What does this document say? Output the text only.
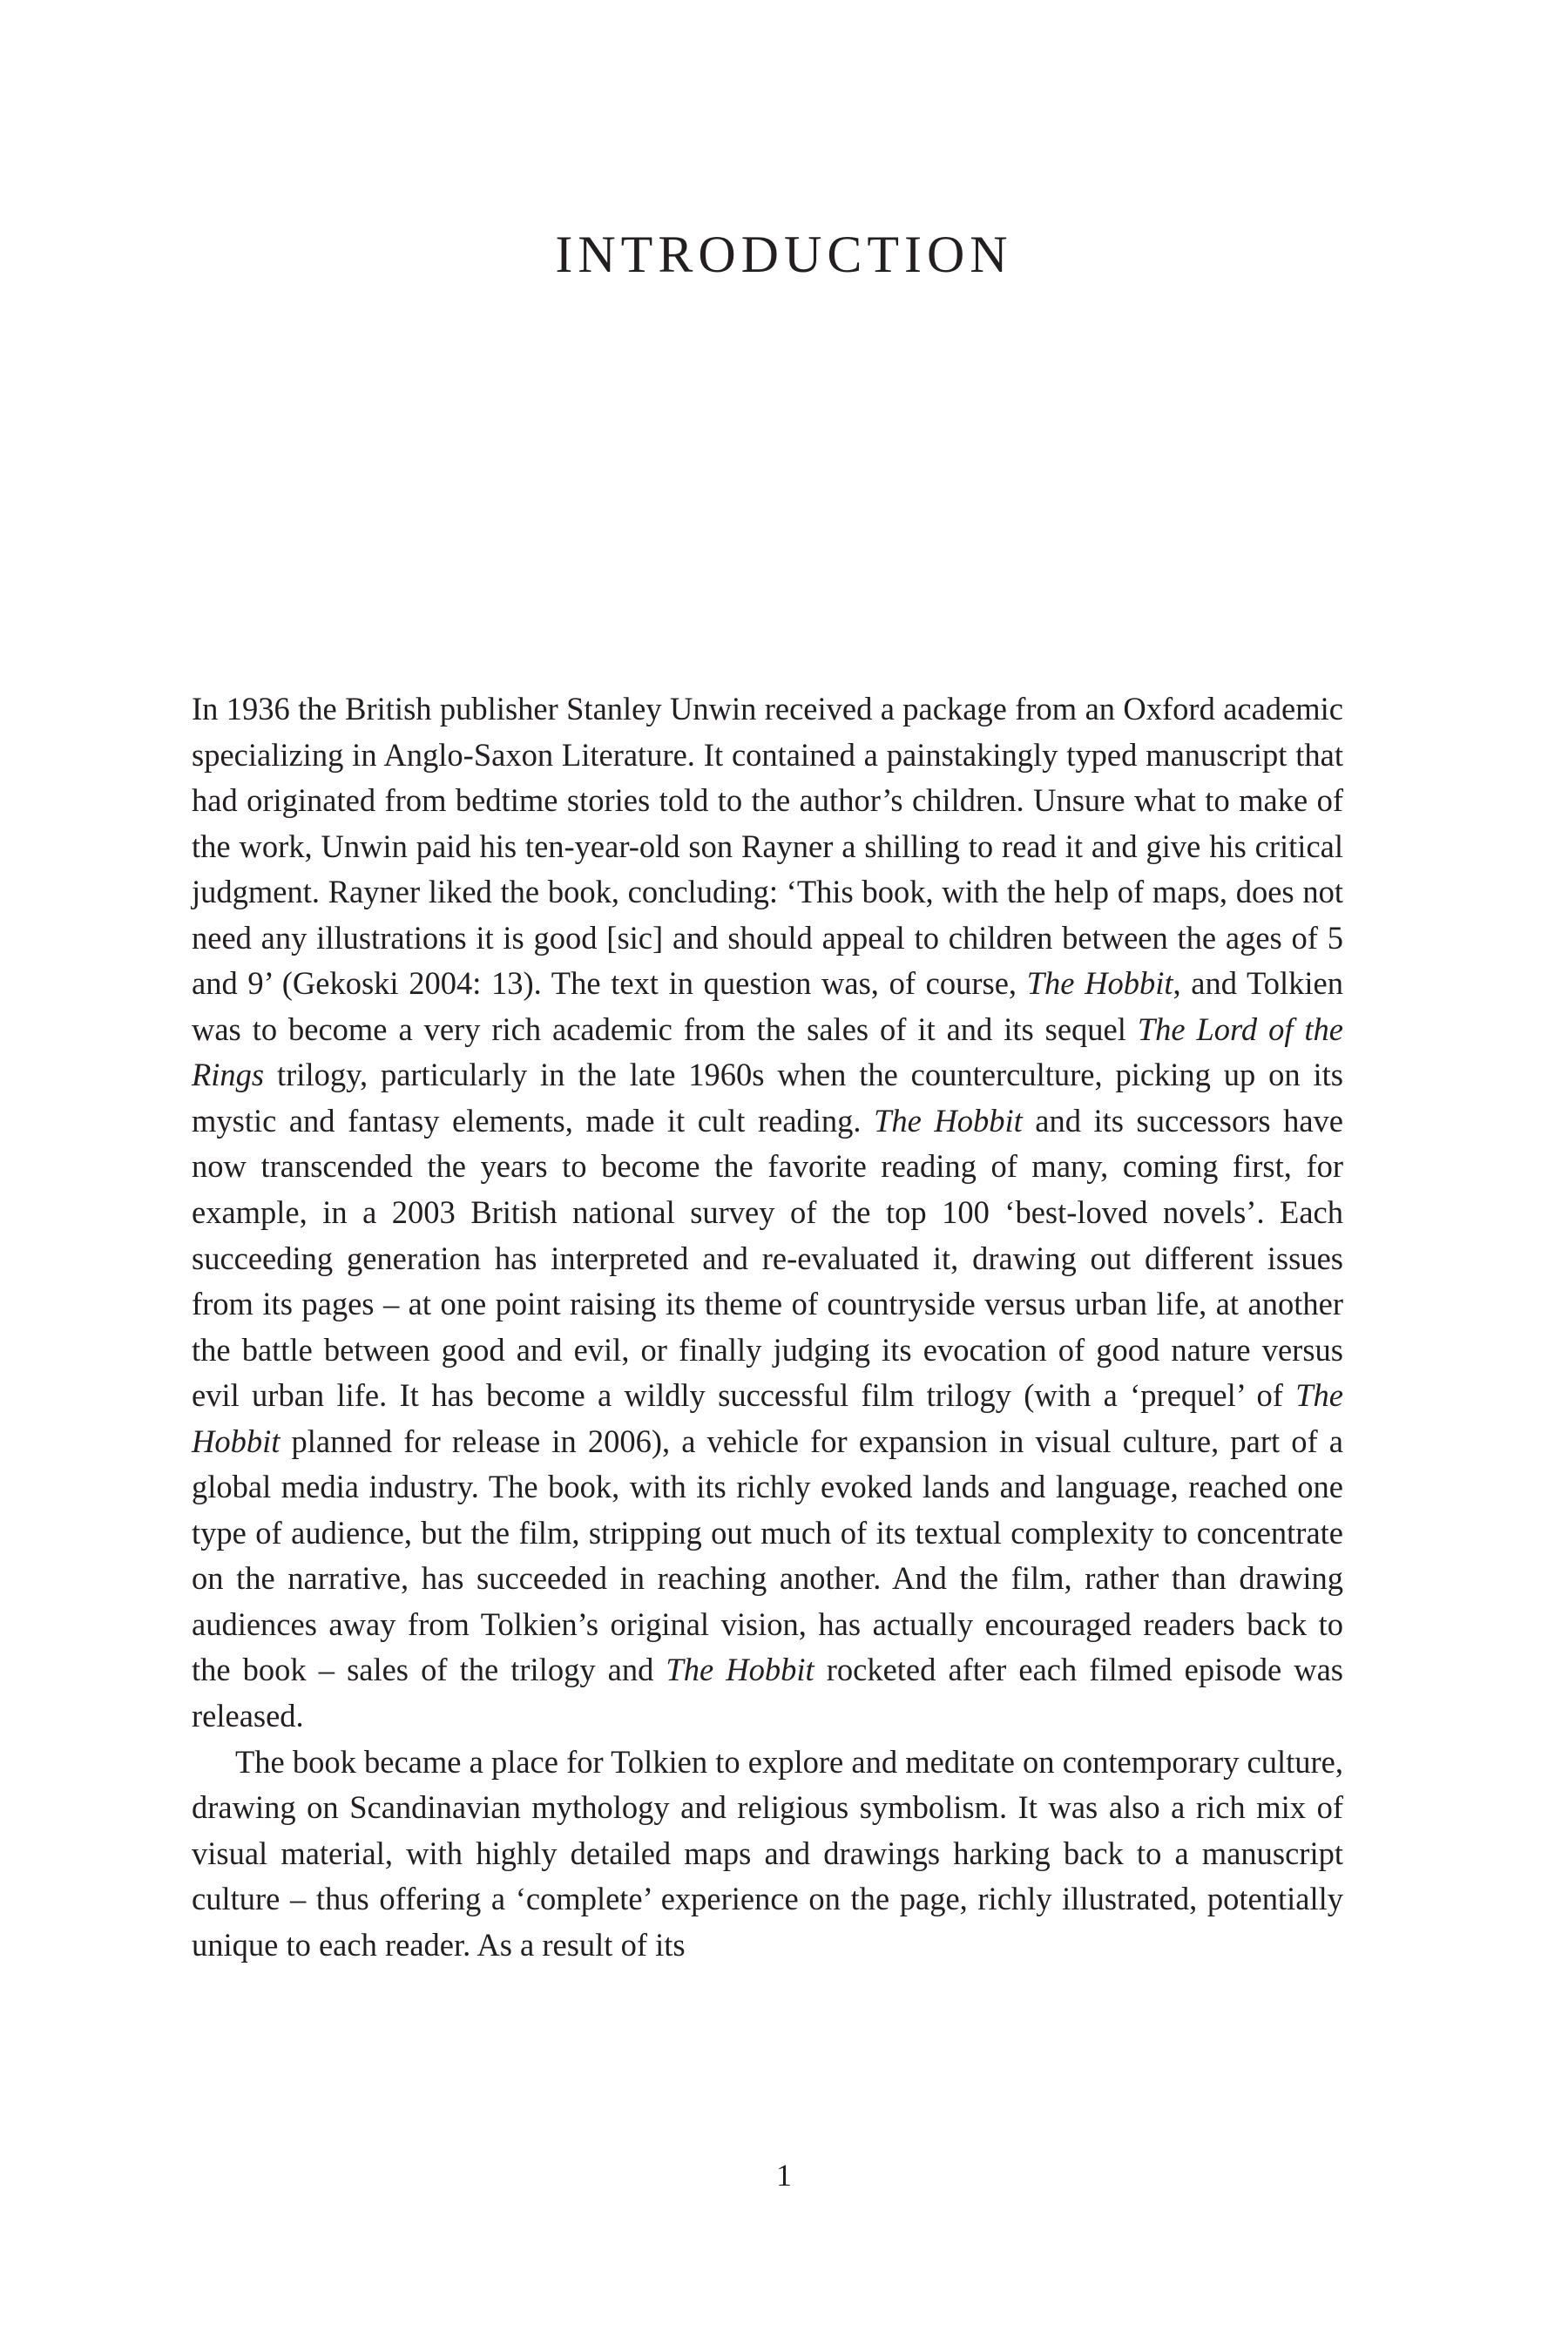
INTRODUCTION

In 1936 the British publisher Stanley Unwin received a package from an Oxford academic specializing in Anglo-Saxon Literature. It contained a painstakingly typed manuscript that had originated from bedtime stories told to the author’s children. Unsure what to make of the work, Unwin paid his ten-year-old son Rayner a shilling to read it and give his critical judgment. Rayner liked the book, concluding: ‘This book, with the help of maps, does not need any illustrations it is good [sic] and should appeal to children between the ages of 5 and 9’ (Gekoski 2004: 13). The text in question was, of course, The Hobbit, and Tolkien was to become a very rich academic from the sales of it and its sequel The Lord of the Rings trilogy, particularly in the late 1960s when the counterculture, picking up on its mystic and fantasy elements, made it cult reading. The Hobbit and its successors have now transcended the years to become the favorite reading of many, coming first, for example, in a 2003 British national survey of the top 100 ‘best-loved novels’. Each succeeding generation has interpreted and re-evaluated it, drawing out different issues from its pages – at one point raising its theme of countryside versus urban life, at another the battle between good and evil, or finally judging its evocation of good nature versus evil urban life. It has become a wildly successful film trilogy (with a ‘prequel’ of The Hobbit planned for release in 2006), a vehicle for expansion in visual culture, part of a global media industry. The book, with its richly evoked lands and language, reached one type of audience, but the film, stripping out much of its textual complexity to concentrate on the narrative, has succeeded in reaching another. And the film, rather than drawing audiences away from Tolkien’s original vision, has actually encouraged readers back to the book – sales of the trilogy and The Hobbit rocketed after each filmed episode was released.

The book became a place for Tolkien to explore and meditate on contemporary culture, drawing on Scandinavian mythology and religious symbolism. It was also a rich mix of visual material, with highly detailed maps and drawings harking back to a manuscript culture – thus offering a ‘complete’ experience on the page, richly illustrated, potentially unique to each reader. As a result of its

1
